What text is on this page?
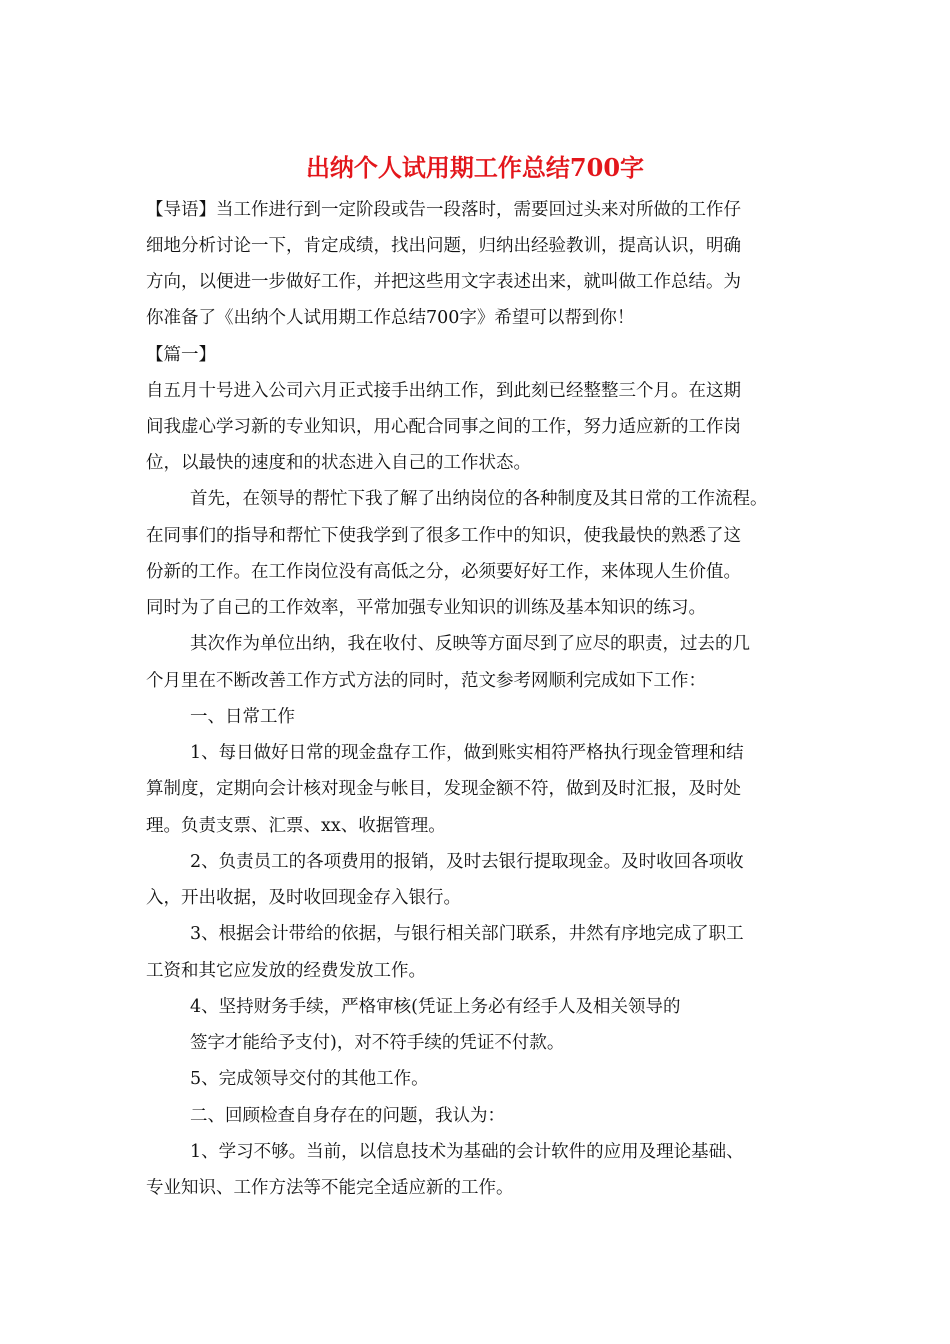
出纳个人试用期工作总结700字
【导语】当工作进行到一定阶段或告一段落时，需要回过头来对所做的工作仔
细地分析讨论一下，肯定成绩，找出问题，归纳出经验教训，提高认识，明确
方向，以便进一步做好工作，并把这些用文字表述出来，就叫做工作总结。为
你准备了《出纳个人试用期工作总结700字》希望可以帮到你！
【篇一】
自五月十号进入公司六月正式接手出纳工作，到此刻已经整整三个月。在这期
间我虚心学习新的专业知识，用心配合同事之间的工作，努力适应新的工作岗
位，以最快的速度和的状态进入自己的工作状态。
首先，在领导的帮忙下我了解了出纳岗位的各种制度及其日常的工作流程。
在同事们的指导和帮忙下使我学到了很多工作中的知识，使我最快的熟悉了这
份新的工作。在工作岗位没有高低之分，必须要好好工作，来体现人生价值。
同时为了自己的工作效率，平常加强专业知识的训练及基本知识的练习。
其次作为单位出纳，我在收付、反映等方面尽到了应尽的职责，过去的几
个月里在不断改善工作方式方法的同时，范文参考网顺利完成如下工作：
一、日常工作
1、每日做好日常的现金盘存工作，做到账实相符严格执行现金管理和结
算制度，定期向会计核对现金与帐目，发现金额不符，做到及时汇报，及时处
理。负责支票、汇票、xx、收据管理。
2、负责员工的各项费用的报销，及时去银行提取现金。及时收回各项收
入，开出收据，及时收回现金存入银行。
3、根据会计带给的依据，与银行相关部门联系，井然有序地完成了职工
工资和其它应发放的经费发放工作。
4、坚持财务手续，严格审核(凭证上务必有经手人及相关领导的
签字才能给予支付)，对不符手续的凭证不付款。
5、完成领导交付的其他工作。
二、回顾检查自身存在的问题，我认为：
1、学习不够。当前，以信息技术为基础的会计软件的应用及理论基础、
专业知识、工作方法等不能完全适应新的工作。
